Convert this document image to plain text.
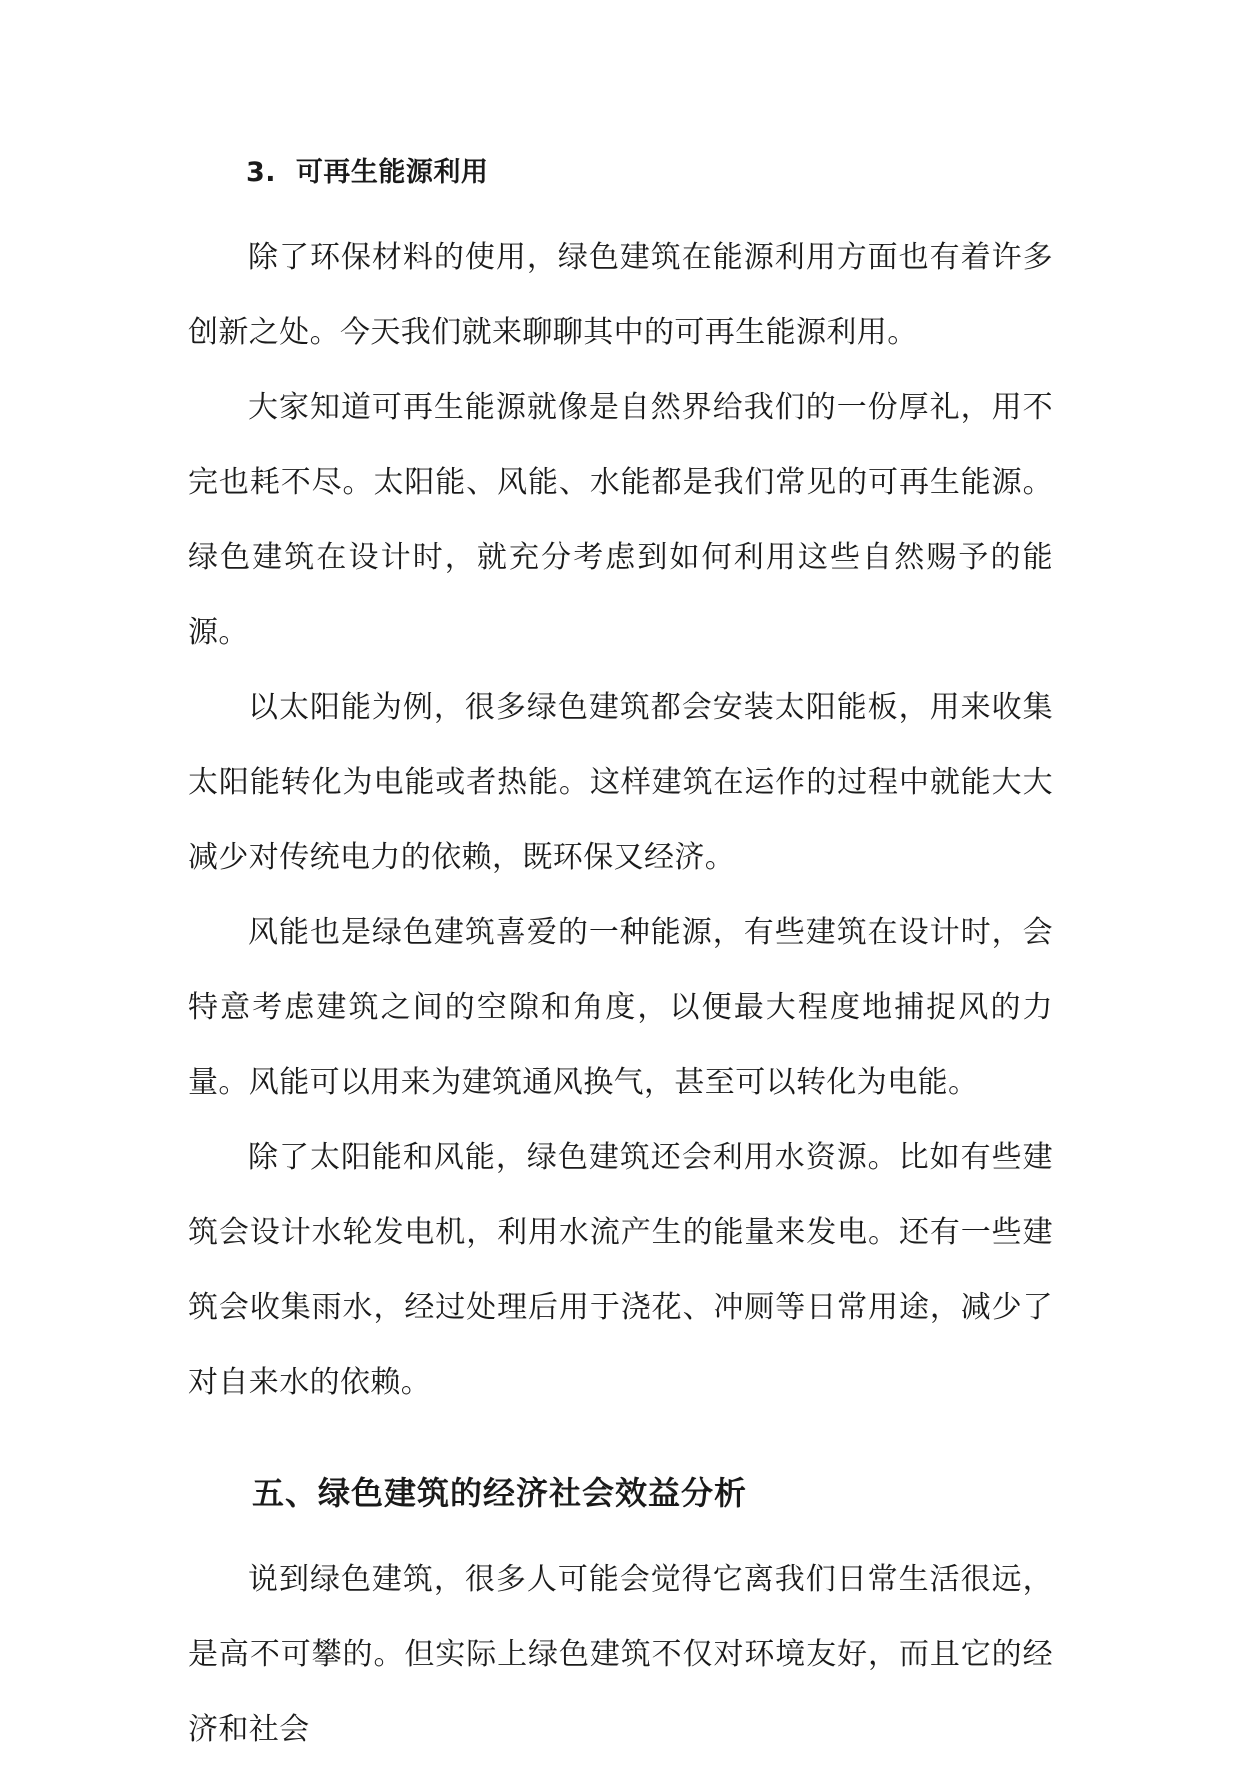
3. 可再生能源利用

除了环保材料的使用，绿色建筑在能源利用方面也有着许多创新之处。今天我们就来聊聊其中的可再生能源利用。

大家知道可再生能源就像是自然界给我们的一份厚礼，用不完也耗不尽。太阳能、风能、水能都是我们常见的可再生能源。绿色建筑在设计时，就充分考虑到如何利用这些自然赐予的能源。

以太阳能为例，很多绿色建筑都会安装太阳能板，用来收集太阳能转化为电能或者热能。这样建筑在运作的过程中就能大大减少对传统电力的依赖，既环保又经济。

风能也是绿色建筑喜爱的一种能源，有些建筑在设计时，会特意考虑建筑之间的空隙和角度，以便最大程度地捕捉风的力量。风能可以用来为建筑通风换气，甚至可以转化为电能。

除了太阳能和风能，绿色建筑还会利用水资源。比如有些建筑会设计水轮发电机，利用水流产生的能量来发电。还有一些建筑会收集雨水，经过处理后用于浇花、冲厕等日常用途，减少了对自来水的依赖。

五、绿色建筑的经济社会效益分析

说到绿色建筑，很多人可能会觉得它离我们日常生活很远，是高不可攀的。但实际上绿色建筑不仅对环境友好，而且它的经济和社会
